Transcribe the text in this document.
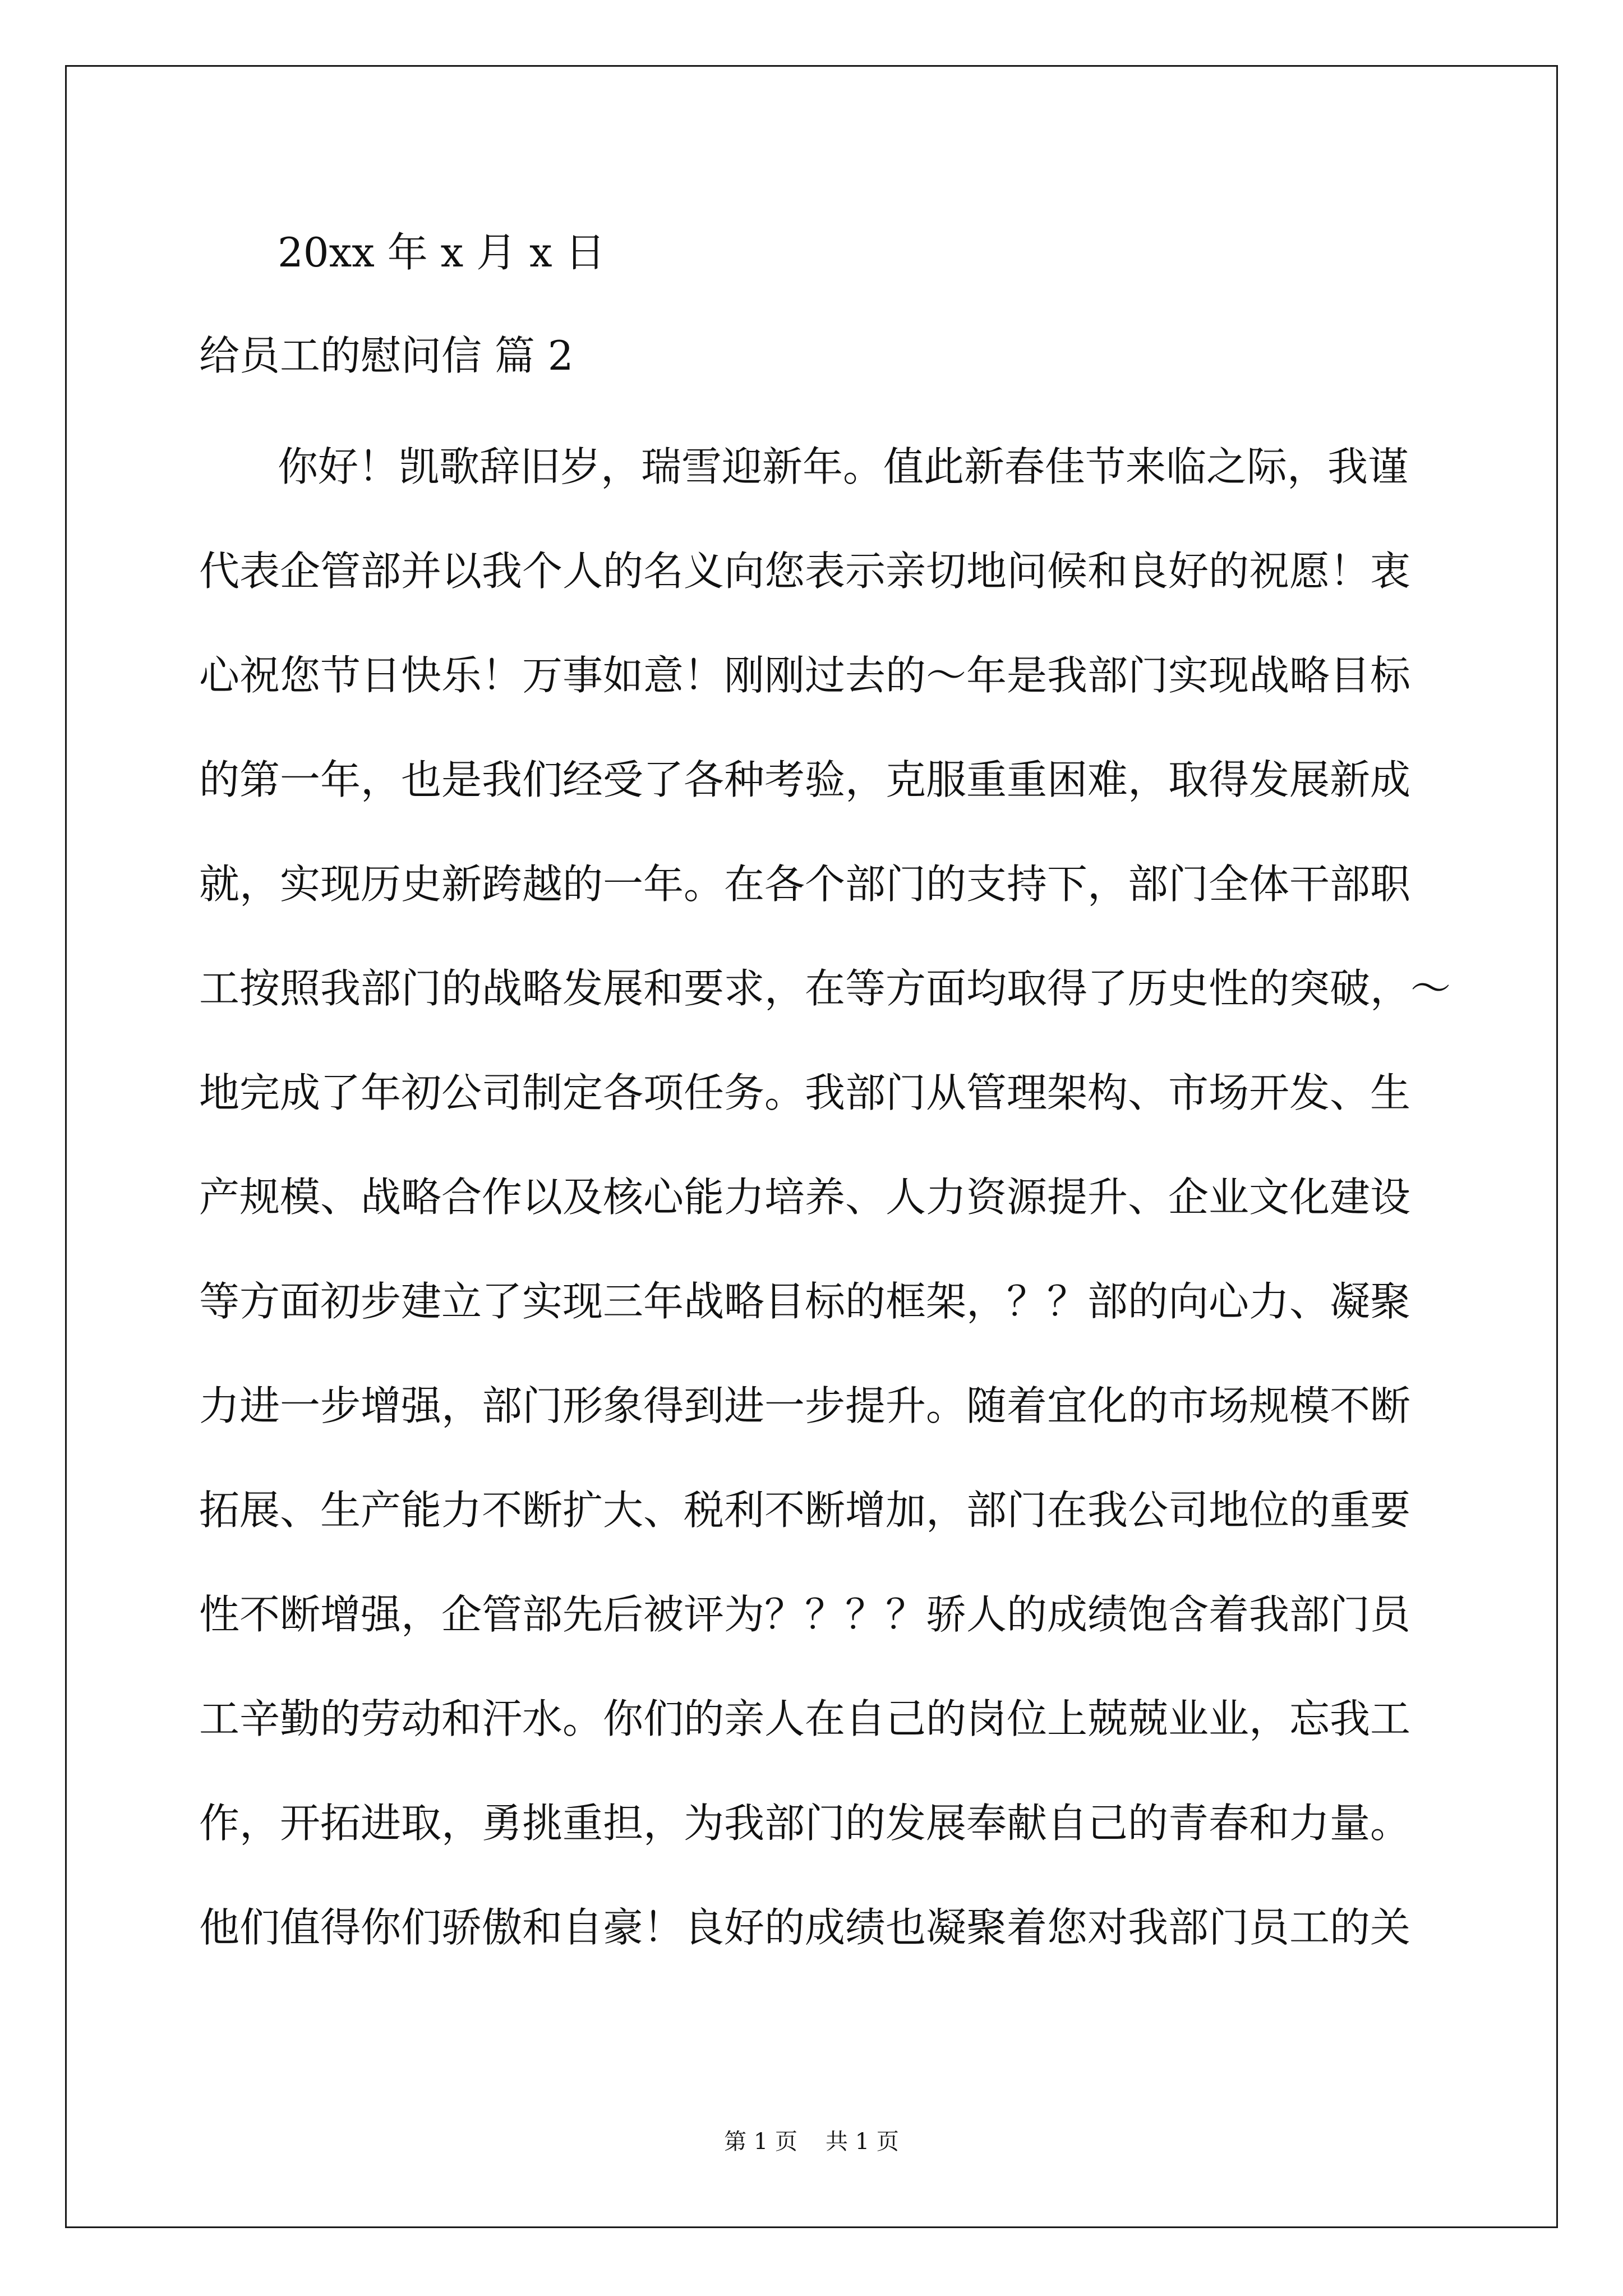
20xx 年 x 月 x 日

给员工的慰问信 篇 2

你好！凯歌辞旧岁，瑞雪迎新年。值此新春佳节来临之际，我谨

代表企管部并以我个人的名义向您表示亲切地问候和良好的祝愿！衷

心祝您节日快乐！万事如意！刚刚过去的～年是我部门实现战略目标

的第一年，也是我们经受了各种考验，克服重重困难，取得发展新成

就，实现历史新跨越的一年。在各个部门的支持下，部门全体干部职

工按照我部门的战略发展和要求，在等方面均取得了历史性的突破，～

地完成了年初公司制定各项任务。我部门从管理架构、市场开发、生

产规模、战略合作以及核心能力培养、人力资源提升、企业文化建设

等方面初步建立了实现三年战略目标的框架，？？部的向心力、凝聚

力进一步增强，部门形象得到进一步提升。随着宜化的市场规模不断

拓展、生产能力不断扩大、税利不断增加，部门在我公司地位的重要

性不断增强，企管部先后被评为？？？？骄人的成绩饱含着我部门员

工辛勤的劳动和汗水。你们的亲人在自己的岗位上兢兢业业，忘我工

作，开拓进取，勇挑重担，为我部门的发展奉献自己的青春和力量。

他们值得你们骄傲和自豪！良好的成绩也凝聚着您对我部门员工的关

第 1 页 共 1 页
